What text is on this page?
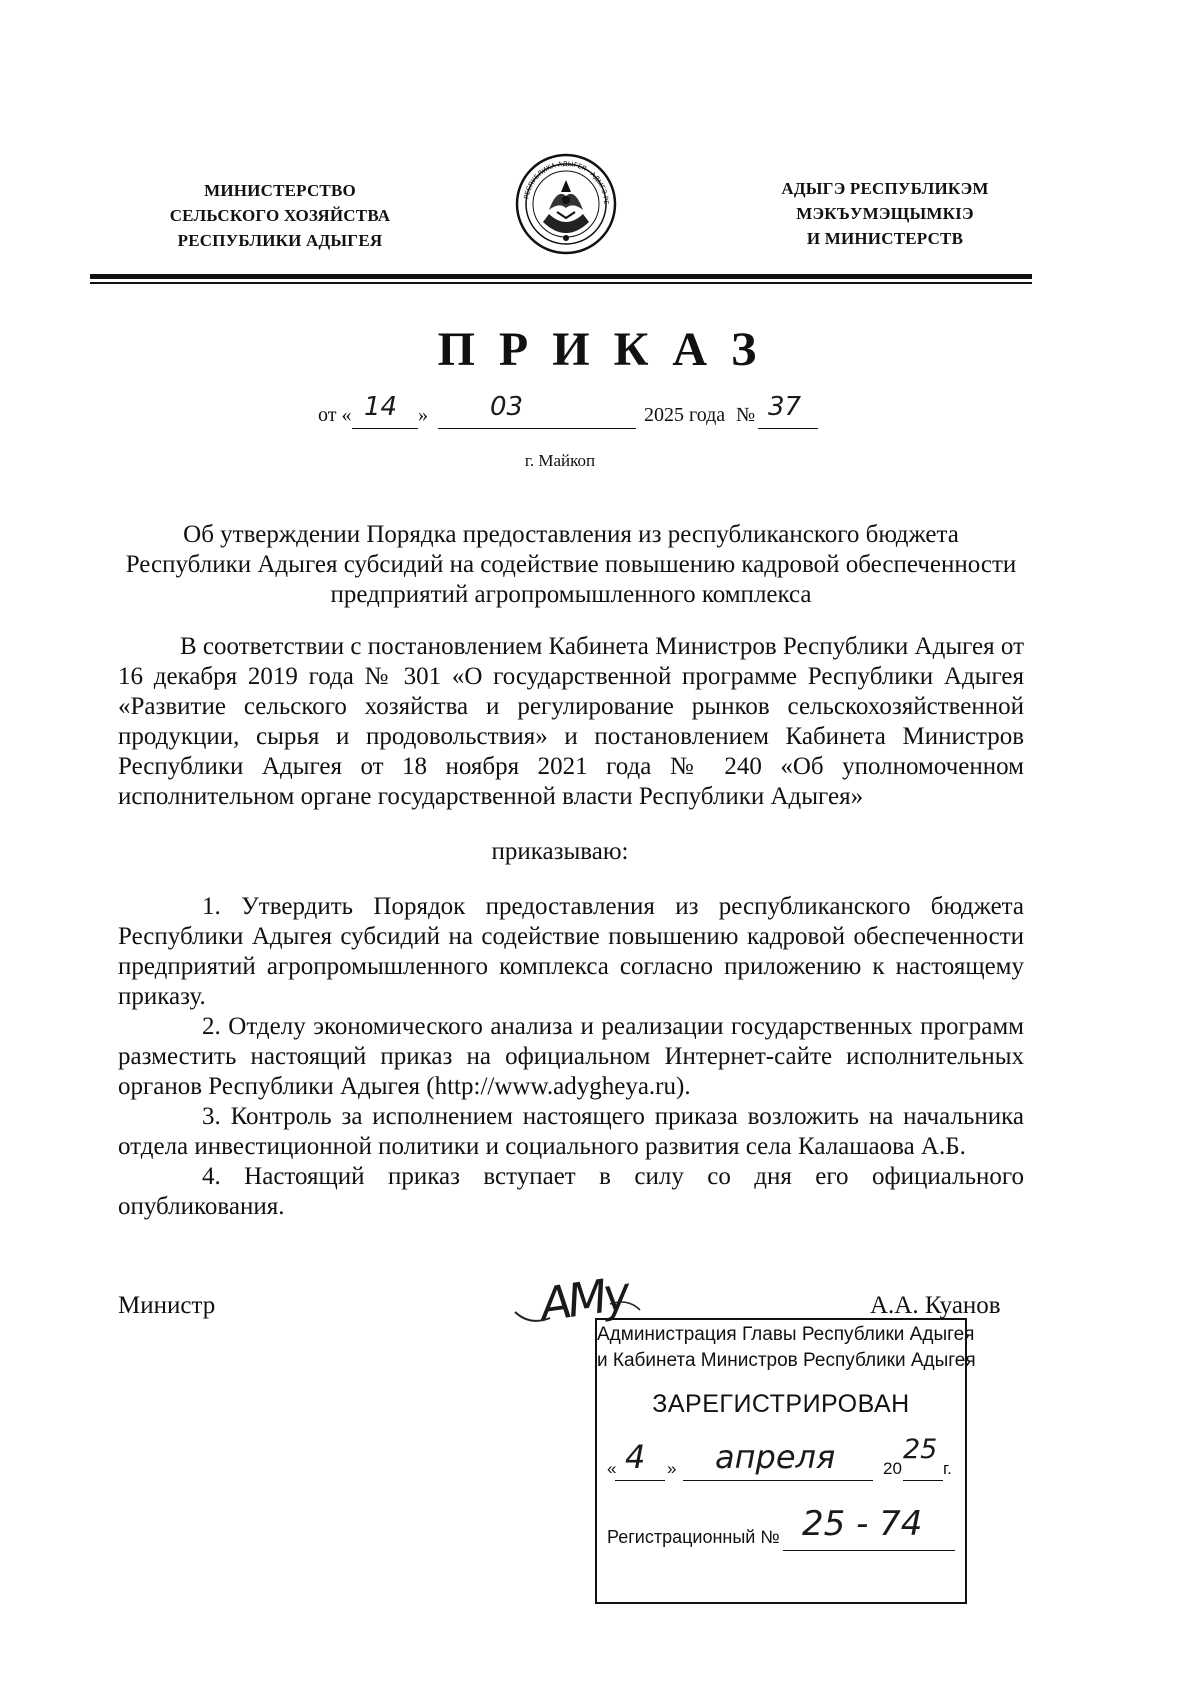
МИНИСТЕРСТВО
СЕЛЬСКОГО ХОЗЯЙСТВА
РЕСПУБЛИКИ АДЫГЕЯ
РЕСПУБЛИКА АДЫГЕЯ · АДЫГЭ РЕ
АДЫГЭ РЕСПУБЛИКЭМ
МЭКЪУМЭЩЫМКIЭ
И МИНИСТЕРСТВ
П Р И К А З
от « 14 » 03	2025 года № 37
г. Майкоп
Об утверждении Порядка предоставления из республиканского бюджета Республики Адыгея субсидий на содействие повышению кадровой обеспеченности предприятий агропромышленного комплекса

В соответствии с постановлением Кабинета Министров Республики Адыгея от 16 декабря 2019 года № 301 «О государственной программе Республики Адыгея «Развитие сельского хозяйства и регулирование рынков сельскохозяйственной продукции, сырья и продовольствия» и постановлением Кабинета Министров Республики Адыгея от 18 ноября 2021 года № 240 «Об уполномоченном исполнительном органе государственной власти Республики Адыгея»

приказываю:

1. Утвердить Порядок предоставления из республиканского бюджета Республики Адыгея субсидий на содействие повышению кадровой обеспеченности предприятий агропромышленного комплекса согласно приложению к настоящему приказу.

2. Отделу экономического анализа и реализации государственных программ разместить настоящий приказ на официальном Интернет-сайте исполнительных органов Республики Адыгея (http://www.adygheya.ru).

3. Контроль за исполнением настоящего приказа возложить на начальника отдела инвестиционной политики и социального развития села Калашаова А.Б.

4. Настоящий приказ вступает в силу со дня его официального опубликования.

Министр	А.А. Куанов
АМу
Администрация Главы Республики Адыгея
и Кабинета Министров Республики Адыгея
ЗАРЕГИСТРИРОВАН
« 4 » апреля	20
25
г.
Регистрационный № 25 - 74
